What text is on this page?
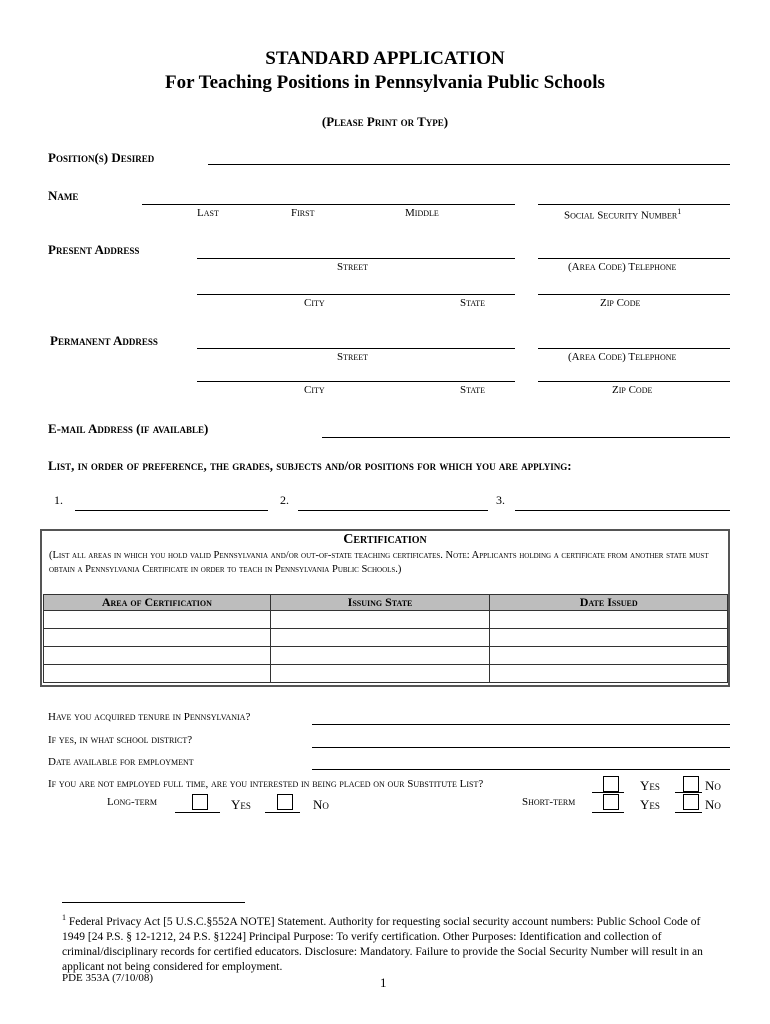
STANDARD APPLICATION
For Teaching Positions in Pennsylvania Public Schools
(Please Print or Type)
Position(s) Desired
Name
Last	First	Middle	Social Security Number$^1$
Present Address
Street	(Area Code) Telephone
City	State	Zip Code
Permanent Address
Street	(Area Code) Telephone
City	State	Zip Code
E-mail Address (if available)
List, in order of preference, the grades, subjects and/or positions for which you are applying:
1.	2.	3.
Certification
(List all areas in which you hold valid Pennsylvania and/or out-of-state teaching certificates. Note: Applicants holding a certificate from another state must obtain a Pennsylvania Certificate in order to teach in Pennsylvania Public Schools.)
Area of Certification	Issuing State	Date Issued

Have you acquired tenure in Pennsylvania?
If yes, in what school district?
Date available for employment
If you are not employed full time, are you interested in being placed on our Substitute List?	Yes	No
Long-term	Yes	No	Short-term	Yes	No
$^1$ Federal Privacy Act [5 U.S.C.§552A NOTE] Statement. Authority for requesting social security account numbers: Public School Code of 1949 [24 P.S. § 12-1212, 24 P.S. §1224] Principal Purpose: To verify certification. Other Purposes: Identification and collection of criminal/disciplinary records for certified educators. Disclosure: Mandatory. Failure to provide the Social Security Number will result in an applicant not being considered for employment.
PDE 353A (7/10/08)	1
